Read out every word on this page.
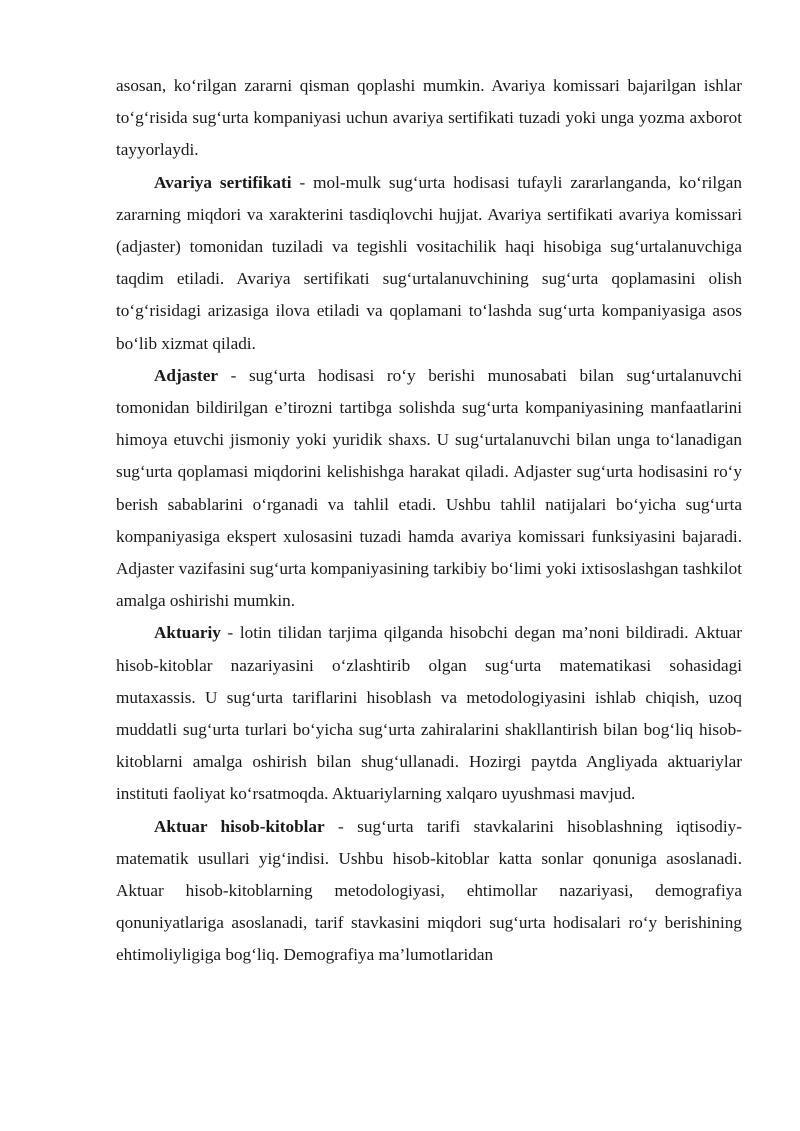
asosan, ko‘rilgan zararni qisman qoplashi mumkin. Avariya komissari bajarilgan ishlar to‘g‘risida sug‘urta kompaniyasi uchun avariya sertifikati tuzadi yoki unga yozma axborot tayyorlaydi.

Avariya sertifikati - mol-mulk sug‘urta hodisasi tufayli zararlanganda, ko‘rilgan zararning miqdori va xarakterini tasdiqlovchi hujjat. Avariya sertifikati avariya komissari (adjaster) tomonidan tuziladi va tegishli vositachilik haqi hisobiga sug‘urtalanuvchiga taqdim etiladi. Avariya sertifikati sug‘urtalanuvchining sug‘urta qoplamasini olish to‘g‘risidagi arizasiga ilova etiladi va qoplamani to‘lashda sug‘urta kompaniyasiga asos bo‘lib xizmat qiladi.

Adjaster - sug‘urta hodisasi ro‘y berishi munosabati bilan sug‘urtalanuvchi tomonidan bildirilgan e’tirozni tartibga solishda sug‘urta kompaniyasining manfaatlarini himoya etuvchi jismoniy yoki yuridik shaxs. U sug‘urtalanuvchi bilan unga to‘lanadigan sug‘urta qoplamasi miqdorini kelishishga harakat qiladi. Adjaster sug‘urta hodisasini ro‘y berish sabablarini o‘rganadi va tahlil etadi. Ushbu tahlil natijalari bo‘yicha sug‘urta kompaniyasiga ekspert xulosasini tuzadi hamda avariya komissari funksiyasini bajaradi. Adjaster vazifasini sug‘urta kompaniyasining tarkibiy bo‘limi yoki ixtisoslashgan tashkilot amalga oshirishi mumkin.

Aktuariy - lotin tilidan tarjima qilganda hisobchi degan ma’noni bildiradi. Aktuar hisob-kitoblar nazariyasini o‘zlashtirib olgan sug‘urta matematikasi sohasidagi mutaxassis. U sug‘urta tariflarini hisoblash va metodologiyasini ishlab chiqish, uzoq muddatli sug‘urta turlari bo‘yicha sug‘urta zahiralarini shakllantirish bilan bog‘liq hisob-kitoblarni amalga oshirish bilan shug‘ullanadi. Hozirgi paytda Angliyada aktuariylar instituti faoliyat ko‘rsatmoqda. Aktuariylarning xalqaro uyushmasi mavjud.

Aktuar hisob-kitoblar - sug‘urta tarifi stavkalarini hisoblashning iqtisodiy-matematik usullari yig‘indisi. Ushbu hisob-kitoblar katta sonlar qonuniga asoslanadi. Aktuar hisob-kitoblarning metodologiyasi, ehtimollar nazariyasi, demografiya qonuniyatlariga asoslanadi, tarif stavkasini miqdori sug‘urta hodisalari ro‘y berishining ehtimoliyligiga bog‘liq. Demografiya ma’lumotlaridan
